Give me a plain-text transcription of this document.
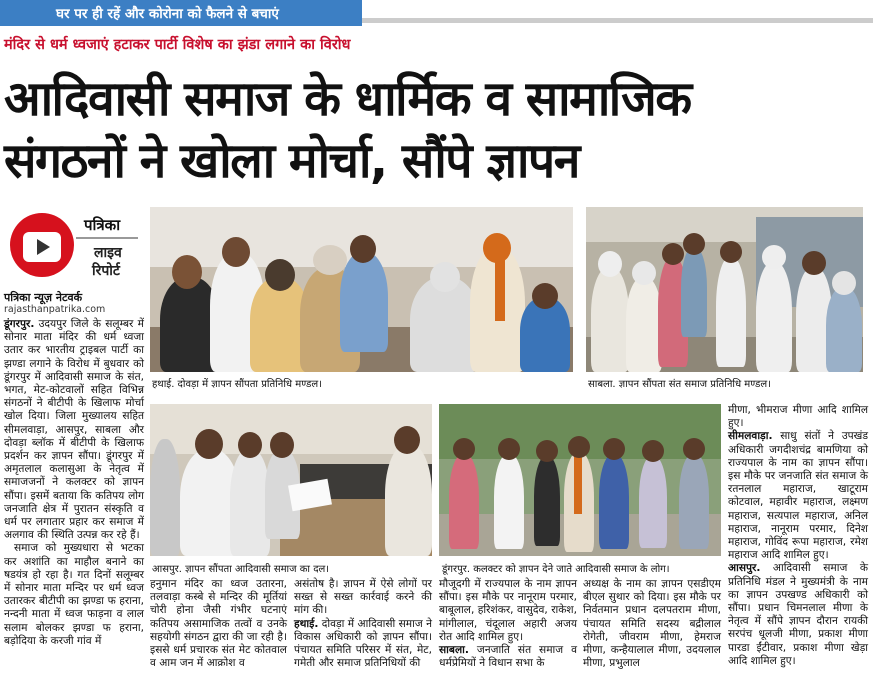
घर पर ही रहें और कोरोना को फैलने से बचाएं
मंदिर से धर्म ध्वजाएं हटाकर पार्टी विशेष का झंडा लगाने का विरोध
आदिवासी समाज के धार्मिक व सामाजिक
संगठनों ने खोला मोर्चा, सौंपे ज्ञापन
पत्रिका
लाइव
रिपोर्ट
पत्रिका न्यूज़ नेटवर्क
rajasthanpatrika.com

डूंगरपुर. उदयपुर जिले के सलूम्बर में सोनार माता मंदिर की धर्म ध्वजा उतार कर भारतीय ट्राइबल पार्टी का झण्डा लगाने के विरोध में बुधवार को डूंगरपुर में आदिवासी समाज के संत, भगत, मेट-कोटवालों सहित विभिन्न संगठनों ने बीटीपी के खिलाफ मोर्चा खोल दिया। जिला मुख्यालय सहित सीमलवाड़ा, आसपुर, साबला और दोवड़ा ब्लॉक में बीटीपी के खिलाफ प्रदर्शन कर ज्ञापन सौंपा। डूंगरपुर में अमृतलाल कलासुआ के नेतृत्व में समाजजनों ने कलक्टर को ज्ञापन सौंपा। इसमें बताया कि कतिपय लोग जनजाति क्षेत्र में पुरातन संस्कृति व धर्म पर लगातार प्रहार कर समाज में अलगाव की स्थिति उत्पन्न कर रहे हैं।

समाज को मुख्यधारा से भटका कर अशांति का माहौल बनाने का षडयंत्र हो रहा है। गत दिनों सलूम्बर में सोनार माता मन्दिर पर धर्म ध्वज उतारकर बीटीपी का झण्डा फ हराना, नन्दनी माता में ध्वज फाड़ना व लाल सलाम बोलकर झण्डा फ हराना, बड़ोदिया के करजी गांव में

हथाई. दोवड़ा में ज्ञापन सौंपता प्रतिनिधि मण्डल।	साबला. ज्ञापन सौंपता संत समाज प्रतिनिधि मण्डल।
आसपुर. ज्ञापन सौंपता आदिवासी समाज का दल।	डूंगरपुर. कलक्टर को ज्ञापन देने जाते आदिवासी समाज के लोग।

हनुमान मंदिर का ध्वज उतारना, तलवाड़ा कस्बे से मन्दिर की मूर्तियां चोरी होना जैसी गंभीर घटनाएं कतिपय असामाजिक तत्वों व उनके सहयोगी संगठन द्वारा की जा रही है। इससे धर्म प्रचारक संत मेट कोतवाल व आम जन में आक्रोश व

असंतोष है। ज्ञापन में ऐसे लोगों पर सख्त से सख्त कार्रवाई करने की मांग की।

हथाई. दोवड़ा में आदिवासी समाज ने विकास अधिकारी को ज्ञापन सौंपा। पंचायत समिति परिसर में संत, मेट, गमेती और समाज प्रतिनिधियों की

मौजूदगी में राज्यपाल के नाम ज्ञापन सौंपा। इस मौके पर नानूराम परमार, बाबूलाल, हरिशंकर, वासुदेव, राकेश, मांगीलाल, चंदूलाल अहारी अजय रोत आदि शामिल हुए।

साबला. जनजाति संत समाज व धर्मप्रेमियों ने विधान सभा के

अध्यक्ष के नाम का ज्ञापन एसडीएम बीएल सुथार को दिया। इस मौके पर निर्वतमान प्रधान दलपतराम मीणा, पंचायत समिति सदस्य बद्रीलाल रोगेती, जीवराम मीणा, हेमराज मीणा, कन्हैयालाल मीणा, उदयलाल मीणा, प्रभुलाल

मीणा, भीमराज मीणा आदि शामिल हुए।

सीमलवाड़ा. साधु संतों ने उपखंड अधिकारी जगदीशचंद्र बामणिया को राज्यपाल के नाम का ज्ञापन सौंपा। इस मौके पर जनजाति संत समाज के रतनलाल महाराज, खाटूराम कोटवाल, महावीर महाराज, लक्ष्मण महाराज, सत्यपाल महाराज, अनिल महाराज, नानूराम परमार, दिनेश महाराज, गोविंद रूपा महाराज, रमेश महाराज आदि शामिल हुए।

आसपुर. आदिवासी समाज के प्रतिनिधि मंडल ने मुख्यमंत्री के नाम का ज्ञापन उपखण्ड अधिकारी को सौंपा। प्रधान चिमनलाल मीणा के नेतृत्व में सौंपे ज्ञापन दौरान रायकी सरपंच धूलजी मीणा, प्रकाश मीणा पारडा ईंटीवार, प्रकाश मीणा खेड़ा आदि शामिल हुए।
